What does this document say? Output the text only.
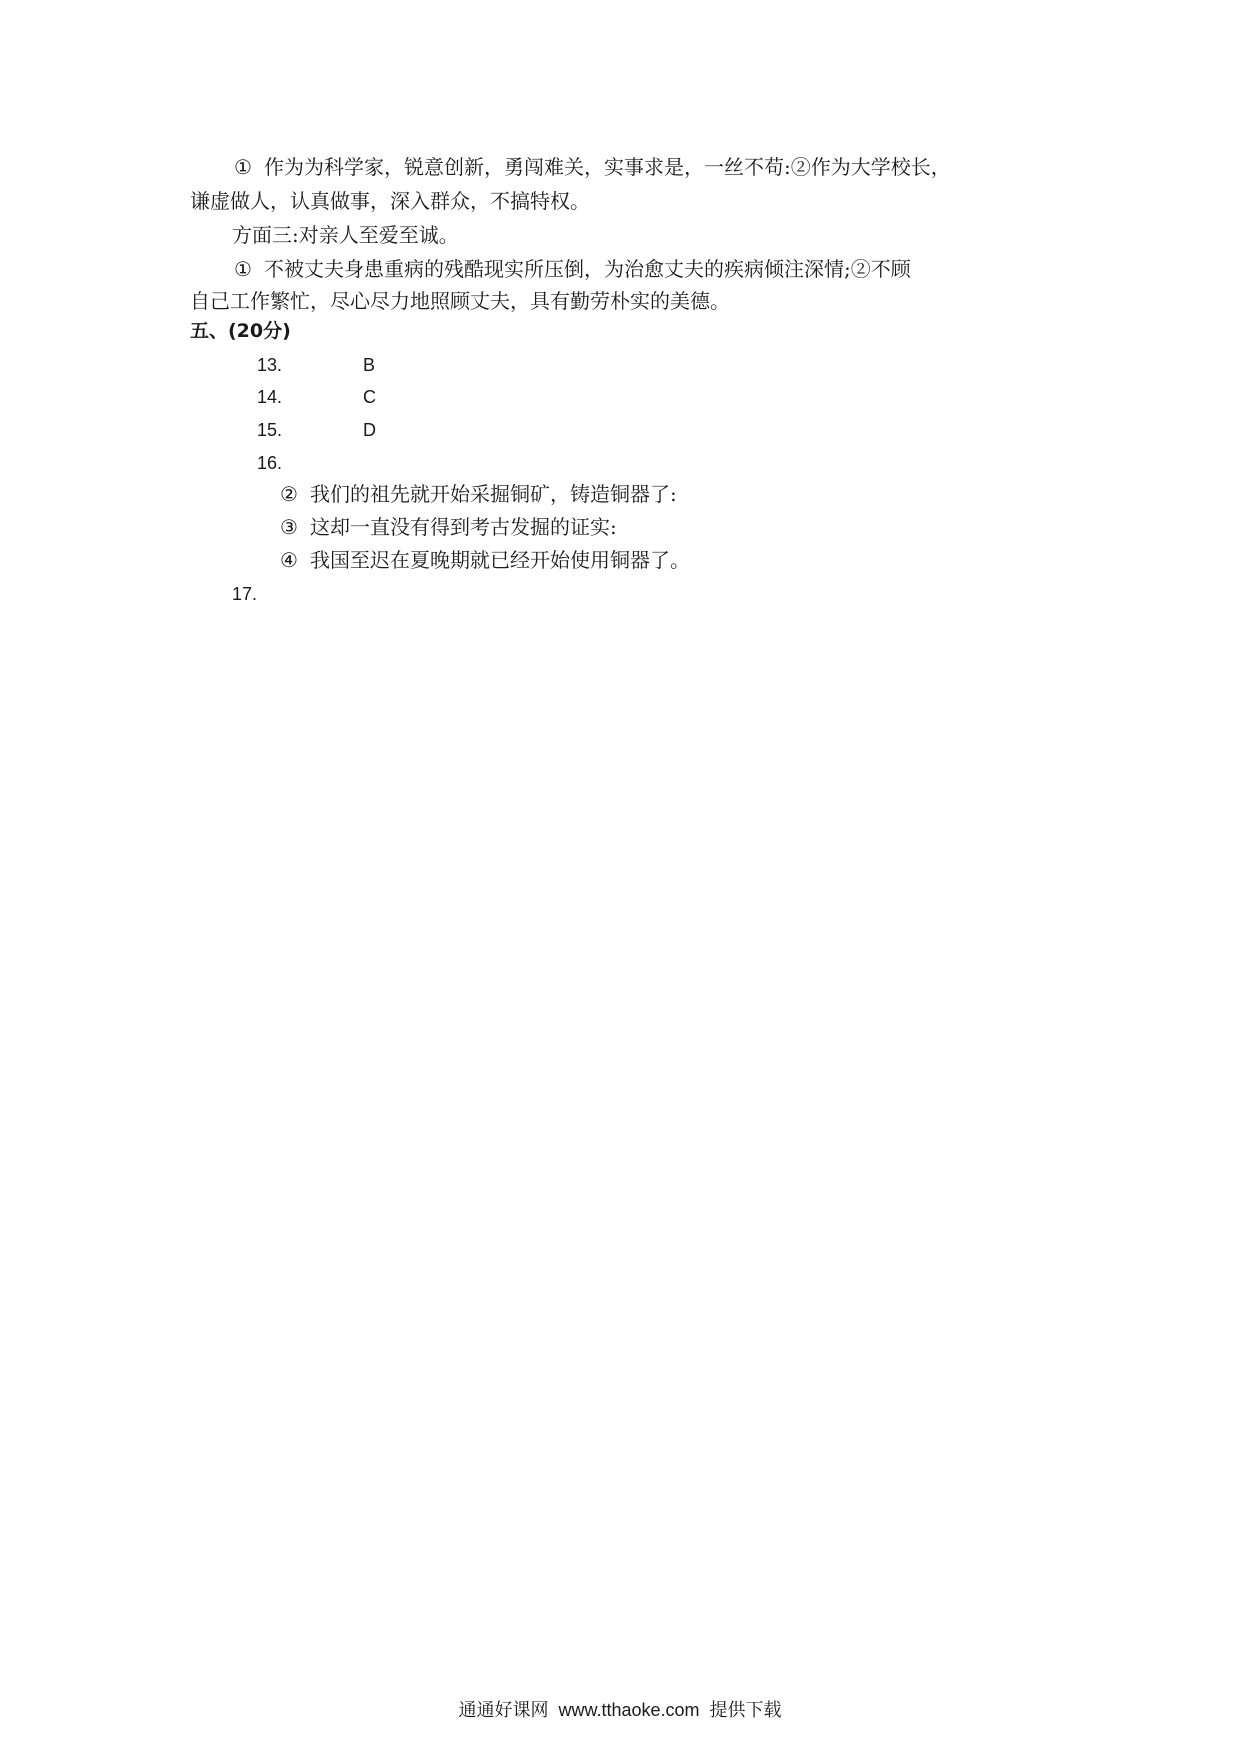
① 作为为科学家，锐意创新，勇闯难关，实事求是，一丝不苟:②作为大学校长，
谦虚做人，认真做事，深入群众，不搞特权。
方面三:对亲人至爱至诚。
① 不被丈夫身患重病的残酷现实所压倒，为治愈丈夫的疾病倾注深情;②不顾
自己工作繁忙，尽心尽力地照顾丈夫，具有勤劳朴实的美德。
五、(20分)
13.	B
14.	C
15.	D
16.
② 我们的祖先就开始采掘铜矿，铸造铜器了:
③ 这却一直没有得到考古发掘的证实:
④ 我国至迟在夏晚期就已经开始使用铜器了。
17.
通通好课网 www.tthaoke.com 提供下载
